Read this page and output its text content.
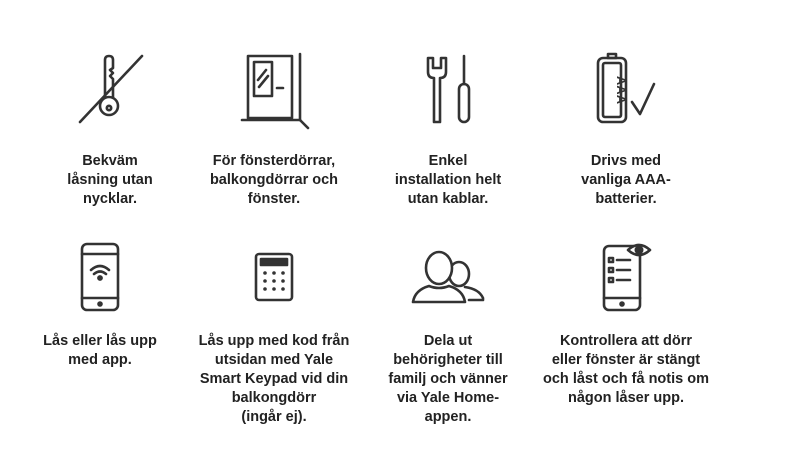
Bekväm
låsning utan
nycklar.
För fönsterdörrar,
balkongdörrar och
fönster.
Enkel
installation helt
utan kablar.
AAA
Drivs med
vanliga AAA-
batterier.
Lås eller lås upp
med app.
Lås upp med kod från
utsidan med Yale
Smart Keypad vid din
balkongdörr
(ingår ej).
Dela ut
behörigheter till
familj och vänner
via Yale Home-
appen.
Kontrollera att dörr
eller fönster är stängt
och låst och få notis om
någon låser upp.
